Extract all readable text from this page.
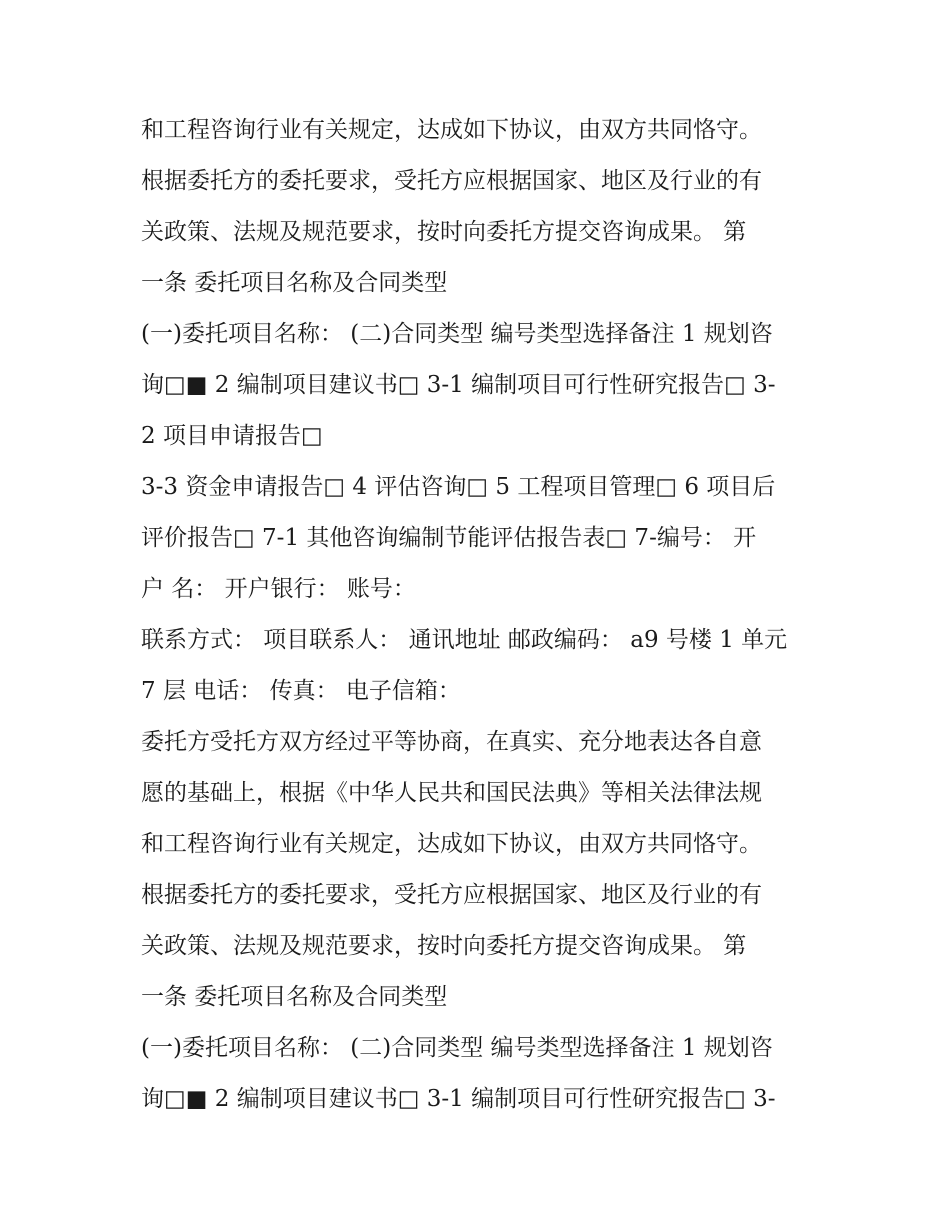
和工程咨询行业有关规定，达成如下协议，由双方共同恪守。
根据委托方的委托要求，受托方应根据国家、地区及行业的有
关政策、法规及规范要求，按时向委托方提交咨询成果。 第
一条 委托项目名称及合同类型
(一)委托项目名称： (二)合同类型 编号类型选择备注 1 规划咨
询□■ 2 编制项目建议书□ 3-1 编制项目可行性研究报告□ 3-
2 项目申请报告□
3-3 资金申请报告□ 4 评估咨询□ 5 工程项目管理□ 6 项目后
评价报告□ 7-1 其他咨询编制节能评估报告表□ 7-编号： 开
户 名： 开户银行： 账号：
联系方式： 项目联系人： 通讯地址 邮政编码： a9 号楼 1 单元
7 层 电话： 传真： 电子信箱：
委托方受托方双方经过平等协商，在真实、充分地表达各自意
愿的基础上，根据《中华人民共和国民法典》等相关法律法规
和工程咨询行业有关规定，达成如下协议，由双方共同恪守。
根据委托方的委托要求，受托方应根据国家、地区及行业的有
关政策、法规及规范要求，按时向委托方提交咨询成果。 第
一条 委托项目名称及合同类型
(一)委托项目名称： (二)合同类型 编号类型选择备注 1 规划咨
询□■ 2 编制项目建议书□ 3-1 编制项目可行性研究报告□ 3-
